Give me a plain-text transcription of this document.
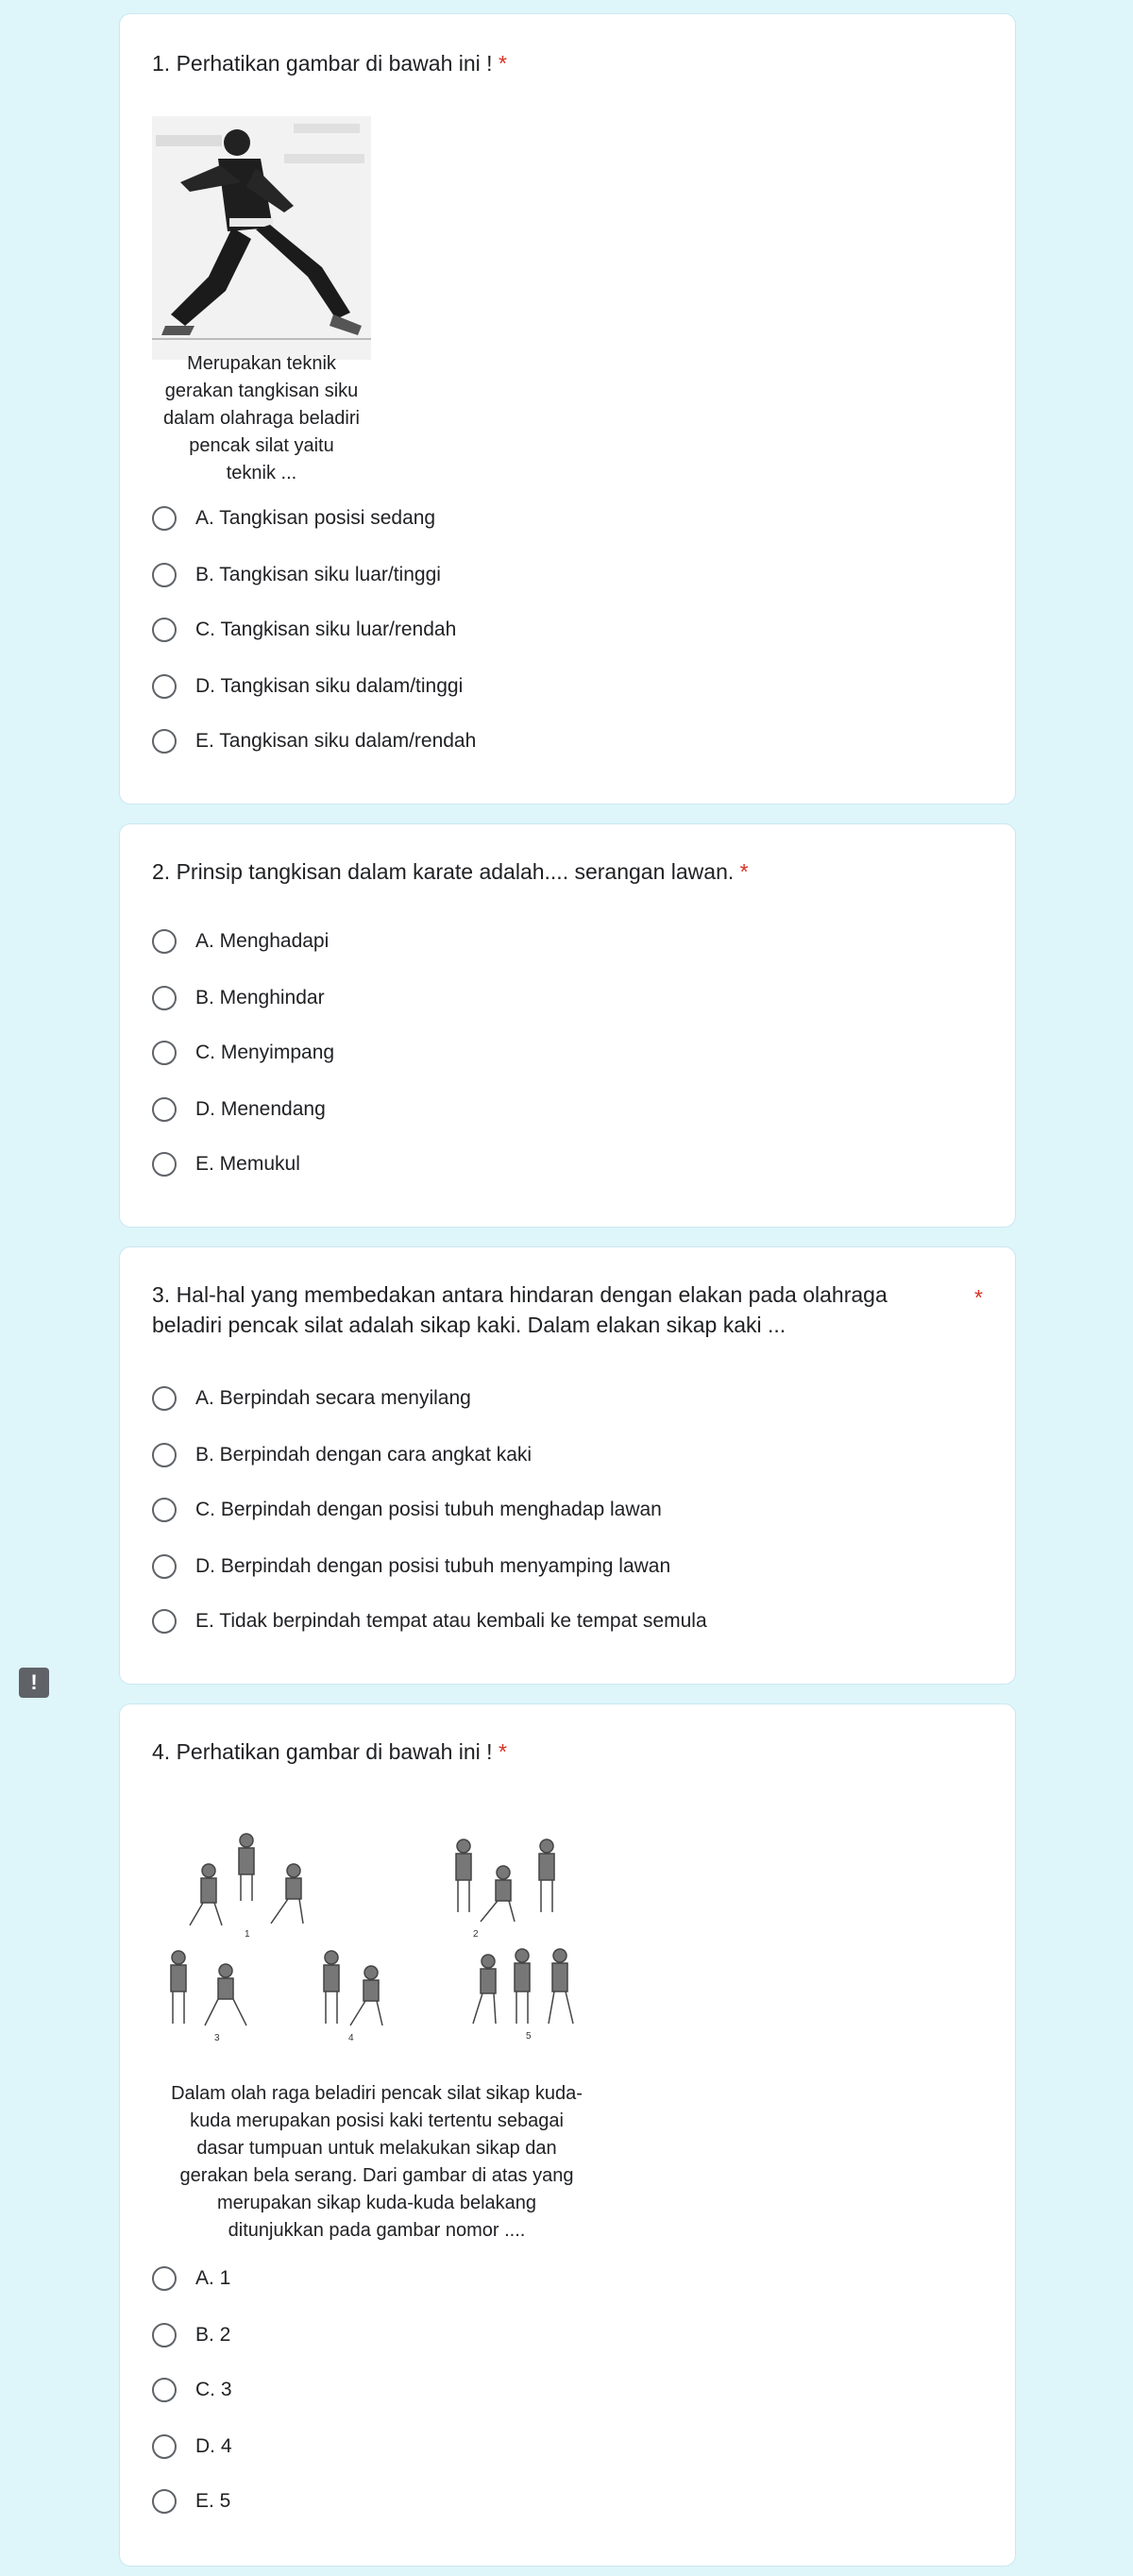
1. Perhatikan gambar di bawah ini ! *
Merupakan teknik
gerakan tangkisan siku
dalam olahraga beladiri
pencak silat yaitu
teknik ...
A. Tangkisan posisi sedang
B. Tangkisan siku luar/tinggi
C. Tangkisan siku luar/rendah
D. Tangkisan siku dalam/tinggi
E. Tangkisan siku dalam/rendah
2. Prinsip tangkisan dalam karate adalah.... serangan lawan. *
A. Menghadapi
B. Menghindar
C. Menyimpang
D. Menendang
E. Memukul
3. Hal-hal yang membedakan antara hindaran dengan elakan pada olahraga
beladiri pencak silat adalah sikap kaki. Dalam elakan sikap kaki ...
*
A. Berpindah secara menyilang
B. Berpindah dengan cara angkat kaki
C. Berpindah dengan posisi tubuh menghadap lawan
D. Berpindah dengan posisi tubuh menyamping lawan
E. Tidak berpindah tempat atau kembali ke tempat semula
!
4. Perhatikan gambar di bawah ini ! *
1	2
3	4	5
Dalam olah raga beladiri pencak silat sikap kuda-
kuda merupakan posisi kaki tertentu sebagai
dasar tumpuan untuk melakukan sikap dan
gerakan bela serang. Dari gambar di atas yang
merupakan sikap kuda-kuda belakang
ditunjukkan pada gambar nomor ....
A. 1
B. 2
C. 3
D. 4
E. 5
